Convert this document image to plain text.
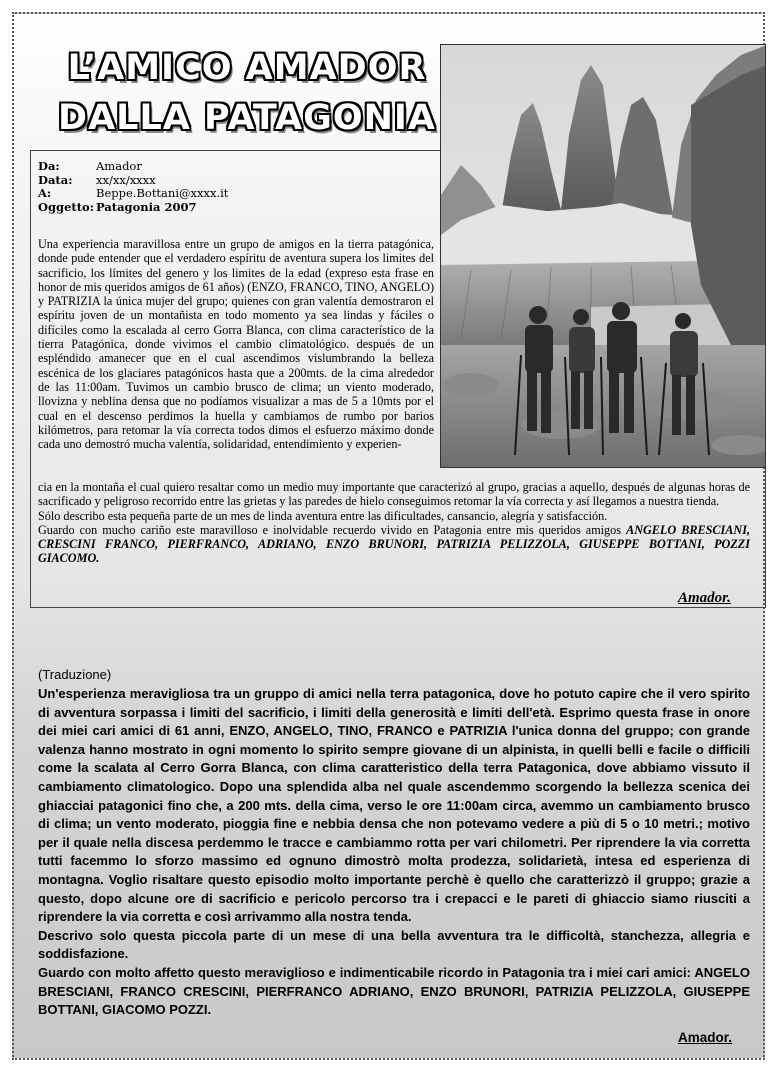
L’AMICO AMADOR
DALLA PATAGONIA
Da:	Amador
Data:	xx/xx/xxxx
A:	Beppe.Bottani@xxxx.it
Oggetto: Patagonia 2007

Una experiencia maravillosa entre un grupo de amigos en la tierra patagónica, donde pude entender que el verdadero espíritu de aventura supera los limites del sacrificio, los límites del genero y los limites de la edad (expreso esta frase en honor de mis queridos amigos de 61 años) (ENZO, FRANCO, TINO, ANGELO) y PATRIZIA la única mujer del grupo; quienes con gran valentía demostraron el espíritu joven de un montañista en todo momento ya sea lindas y fáciles o difíciles como la escalada al cerro Gorra Blanca, con clima característico de la tierra Patagónica, donde vivimos el cambio climatológico. después de un espléndido amanecer que en el cual ascendimos vislumbrando la belleza escénica de los glaciares patagónicos hasta que a 200mts. de la cima alrededor de las 11:00am. Tuvimos un cambio brusco de clima; un viento moderado, llovizna y neblina densa que no podíamos visualizar a mas de 5 a 10mts por el cual en el descenso perdimos la huella y cambiamos de rumbo por barios kilómetros, para retomar la vía correcta todos dimos el esfuerzo máximo donde cada uno demostró mucha valentía, solidaridad, entendimiento y experien-

cia en la montaña el cual quiero resaltar como un medio muy importante que caracterizó al grupo, gracias a aquello, después de algunas horas de sacrificado y peligroso recorrido entre las grietas y las paredes de hielo conseguimos retomar la vía correcta y así llegamos a nuestra tienda.

Sólo describo esta pequeña parte de un mes de linda aventura entre las dificultades, cansancio, alegría y satisfacción.

Guardo con mucho cariño este maravilloso e inolvidable recuerdo vivido en Patagonia entre mis queridos amigos ANGELO BRESCIANI, CRESCINI FRANCO, PIERFRANCO, ADRIANO, ENZO BRUNORI, PATRIZIA PELIZZOLA, GIUSEPPE BOTTANI, POZZI GIACOMO.

Amador.
(Traduzione)

Un'esperienza meravigliosa tra un gruppo di amici nella terra patagonica, dove ho potuto capire che il vero spirito di avventura sorpassa i limiti del sacrificio, i limiti della generosità e limiti dell'età. Esprimo questa frase in onore dei miei cari amici di 61 anni, ENZO, ANGELO, TINO, FRANCO e PATRIZIA l'unica donna del gruppo; con grande valenza hanno mostrato in ogni momento lo spirito sempre giovane di un alpinista, in quelli belli e facile o difficili come la scalata al Cerro Gorra Blanca, con clima caratteristico della terra Patagonica, dove abbiamo vissuto il cambiamento climatologico. Dopo una splendida alba nel quale ascendemmo scorgendo la bellezza scenica dei ghiacciai patagonici fino che, a 200 mts. della cima, verso le ore 11:00am circa, avemmo un cambiamento brusco di clima; un vento moderato, pioggia fine e nebbia densa che non potevamo vedere a più di 5 o 10 metri.; motivo per il quale nella discesa perdemmo le tracce e cambiammo rotta per vari chilometri. Per riprendere la via corretta tutti facemmo lo sforzo massimo ed ognuno dimostrò molta prodezza, solidarietà, intesa ed esperienza di montagna. Voglio risaltare questo episodio molto importante perchè è quello che caratterizzò il gruppo; grazie a questo, dopo alcune ore di sacrificio e pericolo percorso tra i crepacci e le pareti di ghiaccio siamo riusciti a riprendere la via corretta e così arrivammo alla nostra tenda.

Descrivo solo questa piccola parte di un mese di una bella avventura tra le difficoltà, stanchezza, allegria e soddisfazione.

Guardo con molto affetto questo meraviglioso e indimenticabile ricordo in Patagonia tra i miei cari amici: ANGELO BRESCIANI, FRANCO CRESCINI, PIERFRANCO ADRIANO, ENZO BRUNORI, PATRIZIA PELIZZOLA, GIUSEPPE BOTTANI, GIACOMO POZZI.

Amador.
